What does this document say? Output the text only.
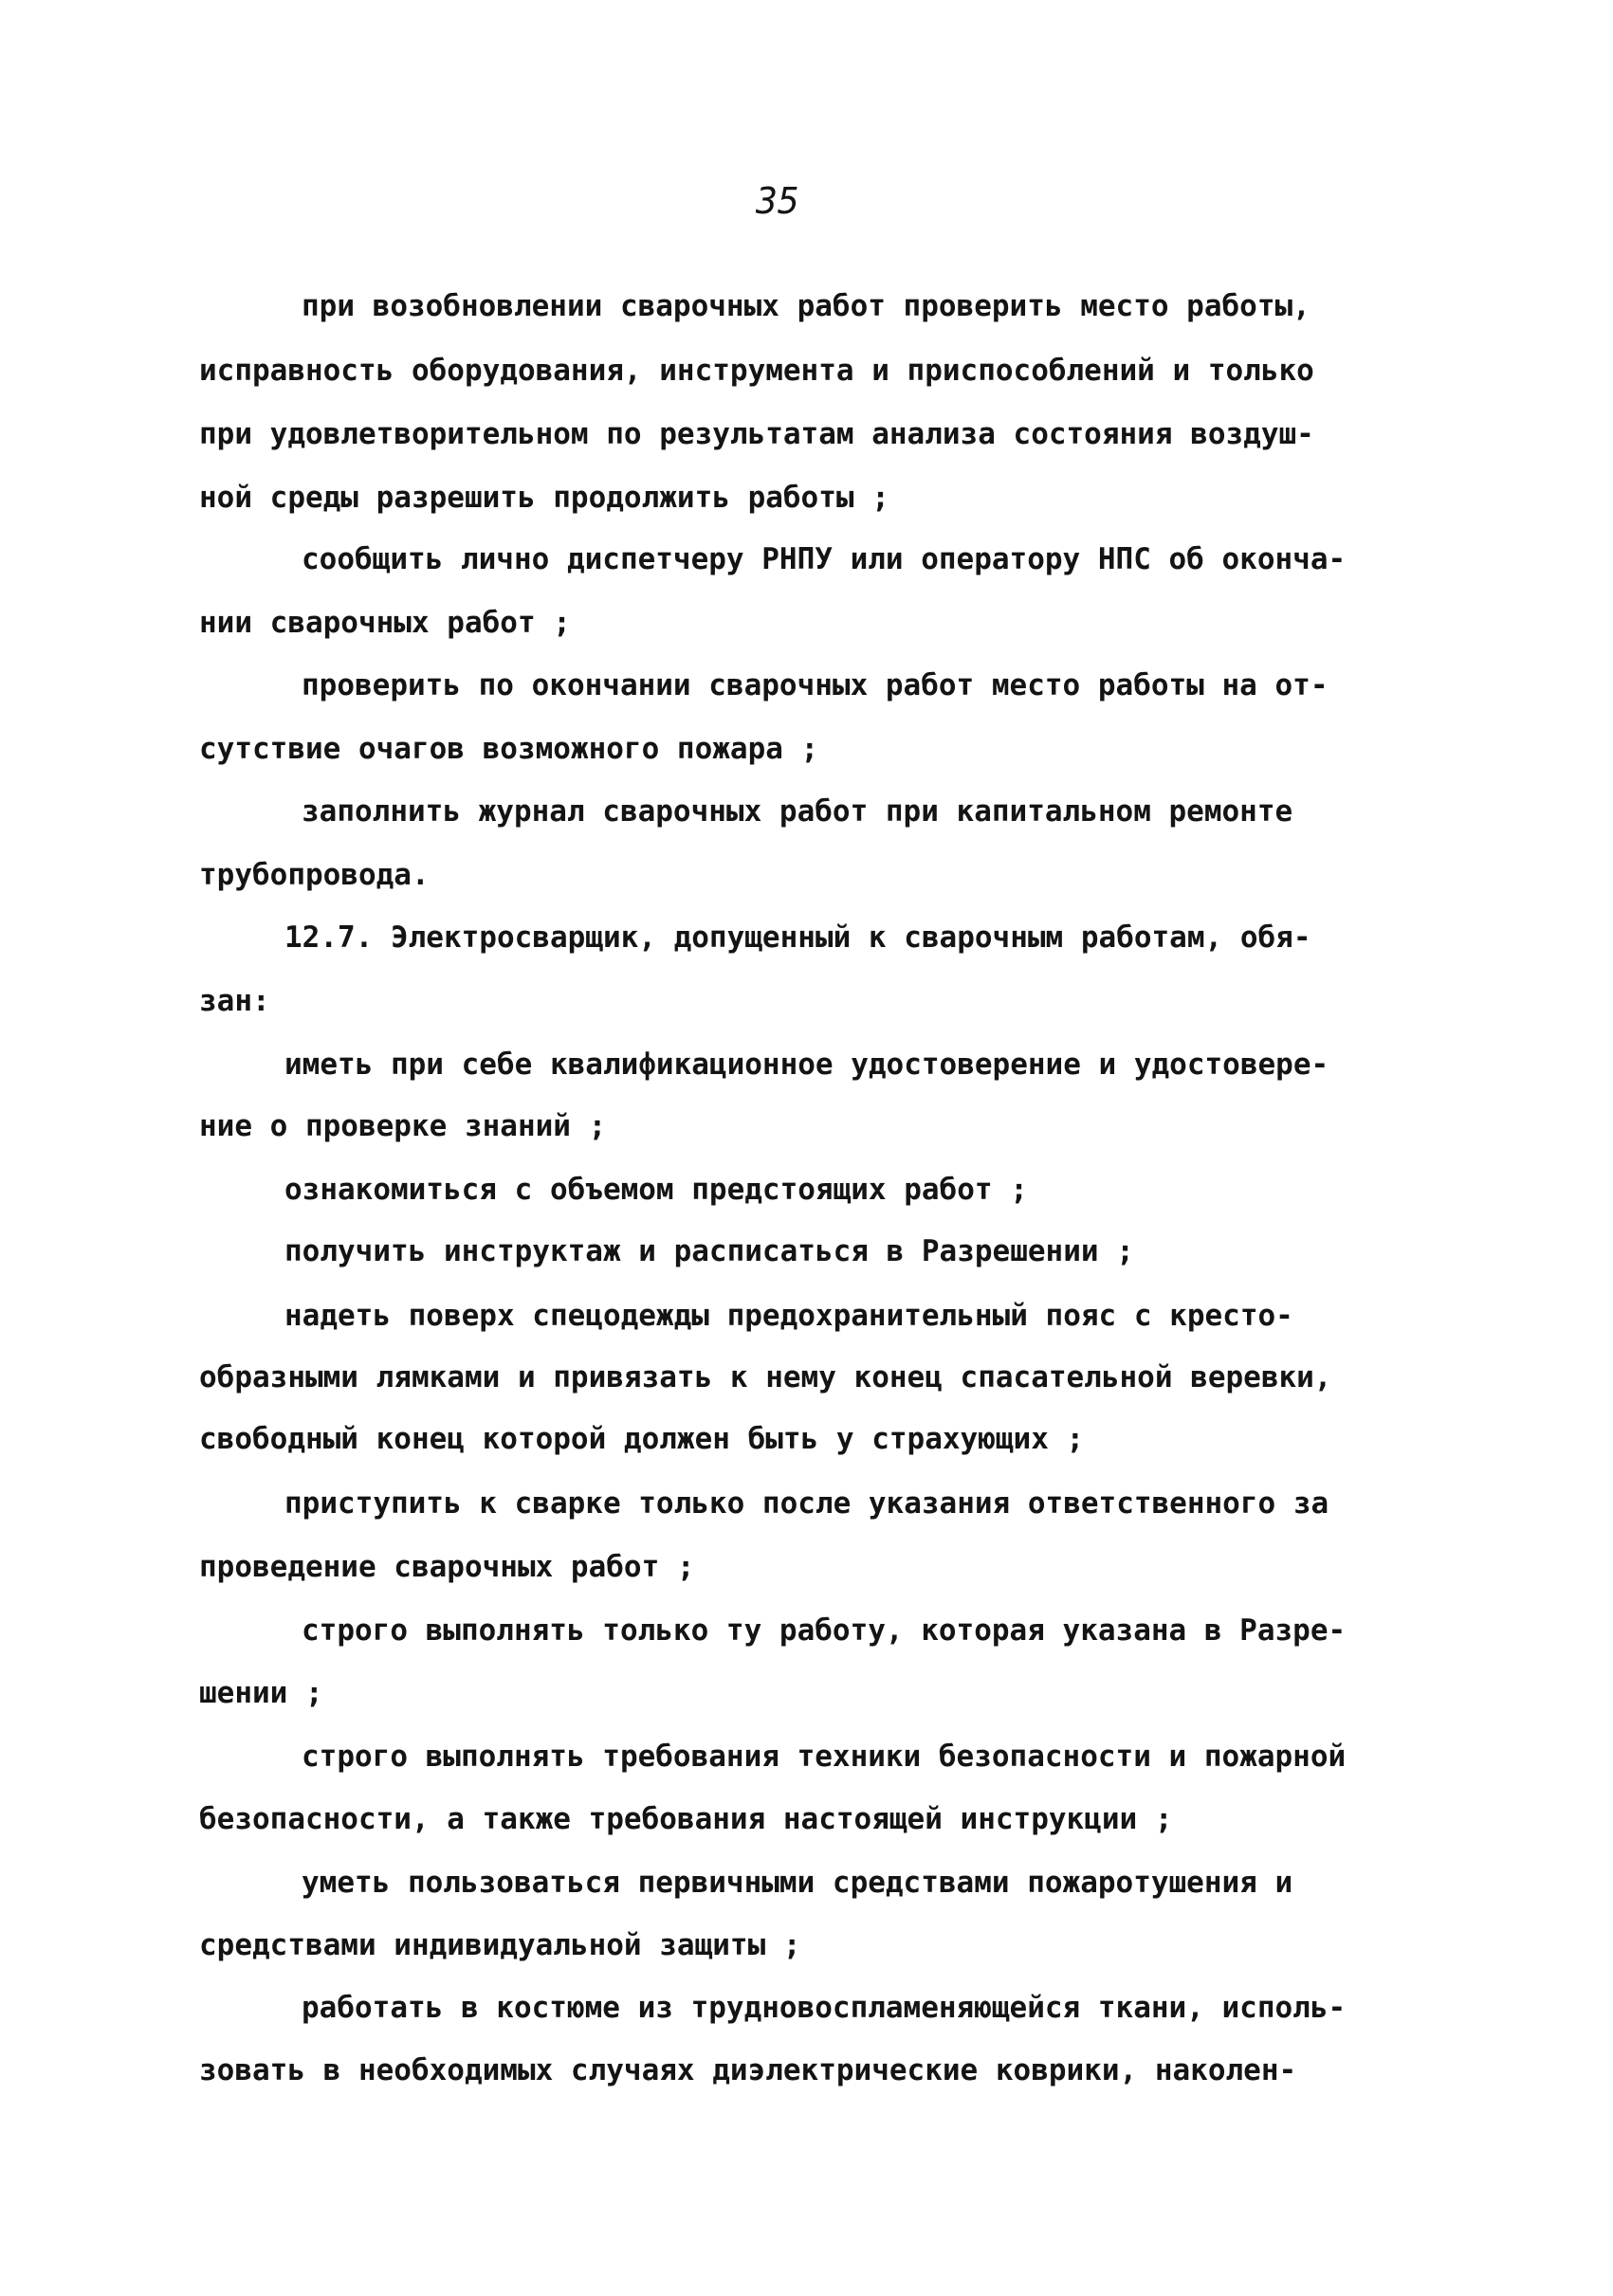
35
при возобновлении сварочных работ проверить место работы,
исправность оборудования, инструмента и приспособлений и только
при удовлетворительном по результатам анализа состояния воздуш-
ной среды разрешить продолжить работы ;
сообщить лично диспетчеру РНПУ или оператору НПС об оконча-
нии сварочных работ ;
проверить по окончании сварочных работ место работы на от-
сутствие очагов возможного пожара ;
заполнить журнал сварочных работ при капитальном ремонте
трубопровода.
12.7. Электросварщик, допущенный к сварочным работам, обя-
зан:
иметь при себе квалификационное удостоверение и удостовере-
ние о проверке знаний ;
ознакомиться с объемом предстоящих работ ;
получить инструктаж и расписаться в Разрешении ;
надеть поверх спецодежды предохранительный пояс с кресто-
образными лямками и привязать к нему конец спасательной веревки,
свободный конец которой должен быть у страхующих ;
приступить к сварке только после указания ответственного за
проведение сварочных работ ;
строго выполнять только ту работу, которая указана в Разре-
шении ;
строго выполнять требования техники безопасности и пожарной
безопасности, а также требования настоящей инструкции ;
уметь пользоваться первичными средствами пожаротушения и
средствами индивидуальной защиты ;
работать в костюме из трудновоспламеняющейся ткани, исполь-
зовать в необходимых случаях диэлектрические коврики, наколен-
